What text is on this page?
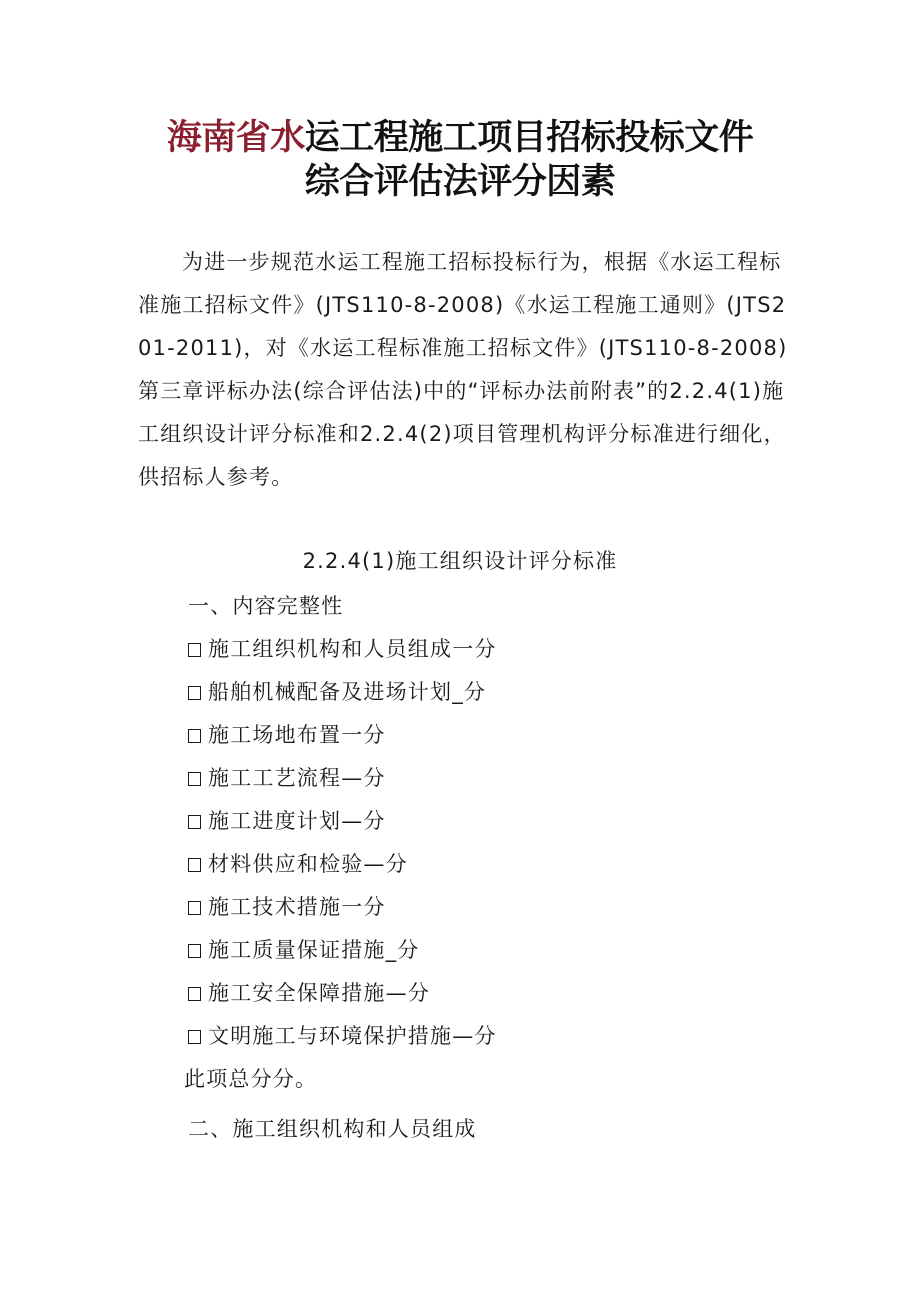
海南省水运工程施工项目招标投标文件
综合评估法评分因素

为进一步规范水运工程施工招标投标行为，根据《水运工程标准施工招标文件》(JTS110-8-2008)《水运工程施工通则》(JTS201-2011)，对《水运工程标准施工招标文件》(JTS110-8-2008)第三章评标办法(综合评估法)中的“评标办法前附表”的2.2.4(1)施工组织设计评分标准和2.2.4(2)项目管理机构评分标准进行细化，供招标人参考。

2.2.4(1)施工组织设计评分标准

一、内容完整性

施工组织机构和人员组成一分

船舶机械配备及进场计划_分

施工场地布置一分

施工工艺流程—分

施工进度计划—分

材料供应和检验—分

施工技术措施一分

施工质量保证措施_分

施工安全保障措施—分

文明施工与环境保护措施—分

此项总分分。

二、施工组织机构和人员组成
